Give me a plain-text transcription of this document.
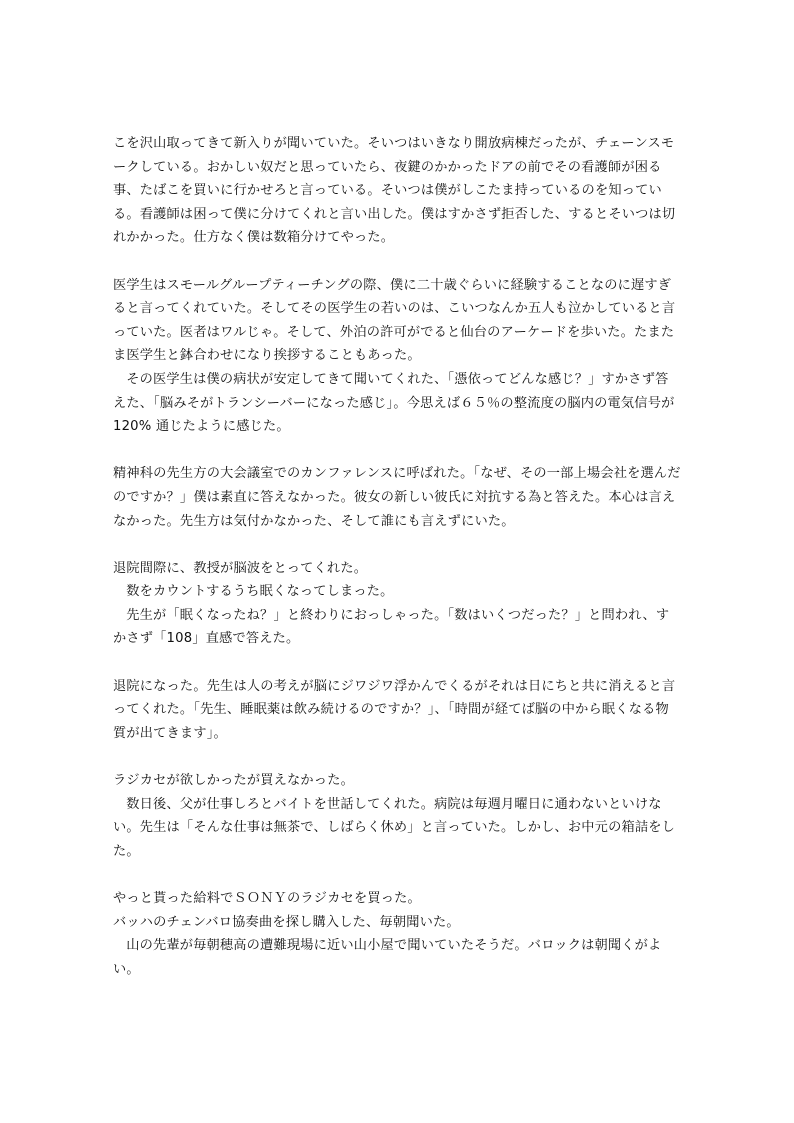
こを沢山取ってきて新入りが聞いていた。そいつはいきなり開放病棟だったが、チェーンスモークしている。おかしい奴だと思っていたら、夜鍵のかかったドアの前でその看護師が困る事、たばこを買いに行かせろと言っている。そいつは僕がしこたま持っているのを知っている。看護師は困って僕に分けてくれと言い出した。僕はすかさず拒否した、するとそいつは切れかかった。仕方なく僕は数箱分けてやった。
医学生はスモールグループティーチングの際、僕に二十歳ぐらいに経験することなのに遅すぎると言ってくれていた。そしてその医学生の若いのは、こいつなんか五人も泣かしていると言っていた。医者はワルじゃ。そして、外泊の許可がでると仙台のアーケードを歩いた。たまたま医学生と鉢合わせになり挨拶することもあった。
その医学生は僕の病状が安定してきて聞いてくれた、「憑依ってどんな感じ？」すかさず答えた、「脳みそがトランシーバーになった感じ」。今思えば６５％の整流度の脳内の電気信号が 120% 通じたように感じた。
精神科の先生方の大会議室でのカンファレンスに呼ばれた。「なぜ、その一部上場会社を選んだのですか？」僕は素直に答えなかった。彼女の新しい彼氏に対抗する為と答えた。本心は言えなかった。先生方は気付かなかった、そして誰にも言えずにいた。
退院間際に、教授が脳波をとってくれた。
数をカウントするうち眠くなってしまった。
先生が「眠くなったね？」と終わりにおっしゃった。「数はいくつだった？」と問われ、すかさず「108」直感で答えた。
退院になった。先生は人の考えが脳にジワジワ浮かんでくるがそれは日にちと共に消えると言ってくれた。「先生、睡眠薬は飲み続けるのですか？」、「時間が経てば脳の中から眠くなる物質が出てきます」。
ラジカセが欲しかったが買えなかった。
数日後、父が仕事しろとバイトを世話してくれた。病院は毎週月曜日に通わないといけない。先生は「そんな仕事は無茶で、しばらく休め」と言っていた。しかし、お中元の箱詰をした。
やっと貰った給料でＳＯＮＹのラジカセを買った。
バッハのチェンバロ協奏曲を探し購入した、毎朝聞いた。
山の先輩が毎朝穂高の遭難現場に近い山小屋で聞いていたそうだ。バロックは朝聞くがよい。
